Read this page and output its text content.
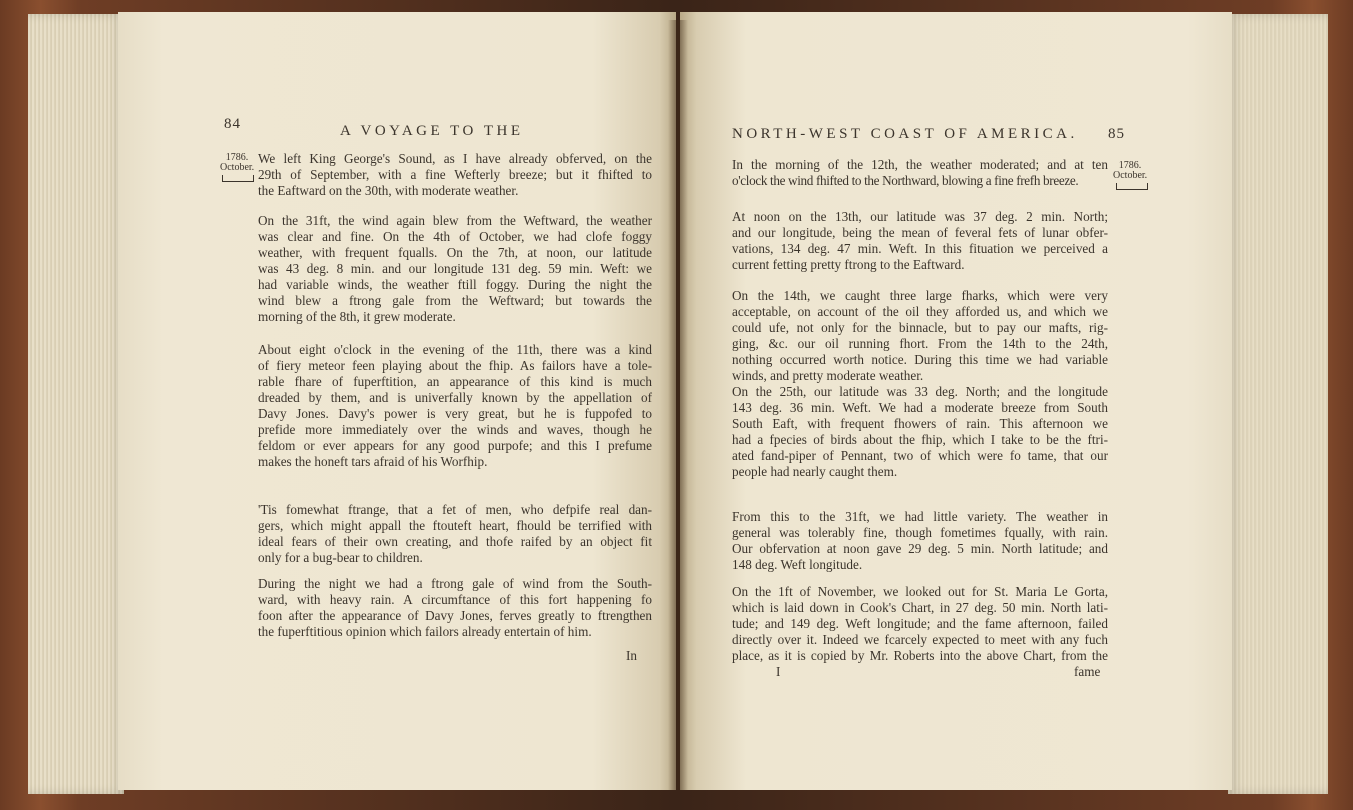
84	A VOYAGE TO THE
1786.
October.
We left King George's Sound, as I have already obferved, on the
29th of September, with a fine Wefterly breeze; but it fhifted to
the Eaftward on the 30th, with moderate weather.
On the 31ft, the wind again blew from the Weftward, the weather
was clear and fine. On the 4th of October, we had clofe foggy
weather, with frequent fqualls. On the 7th, at noon, our latitude
was 43 deg. 8 min. and our longitude 131 deg. 59 min. Weft: we
had variable winds, the weather ftill foggy. During the night the
wind blew a ftrong gale from the Weftward; but towards the
morning of the 8th, it grew moderate.
About eight o'clock in the evening of the 11th, there was a kind
of fiery meteor feen playing about the fhip. As failors have a tole-
rable fhare of fuperftition, an appearance of this kind is much
dreaded by them, and is univerfally known by the appellation of
Davy Jones. Davy's power is very great, but he is fuppofed to
prefide more immediately over the winds and waves, though he
feldom or ever appears for any good purpofe; and this I prefume
makes the honeft tars afraid of his Worfhip.
'Tis fomewhat ftrange, that a fet of men, who defpife real dan-
gers, which might appall the ftouteft heart, fhould be terrified with
ideal fears of their own creating, and thofe raifed by an object fit
only for a bug-bear to children.
During the night we had a ftrong gale of wind from the South-
ward, with heavy rain. A circumftance of this fort happening fo
foon after the appearance of Davy Jones, ferves greatly to ftrengthen
the fuperftitious opinion which failors already entertain of him.
In
NORTH-WEST COAST OF AMERICA. 85
1786.
October.
In the morning of the 12th, the weather moderated; and at ten
o'clock the wind fhifted to the Northward, blowing a fine frefh breeze.
At noon on the 13th, our latitude was 37 deg. 2 min. North;
and our longitude, being the mean of feveral fets of lunar obfer-
vations, 134 deg. 47 min. Weft. In this fituation we perceived a
current fetting pretty ftrong to the Eaftward.
On the 14th, we caught three large fharks, which were very
acceptable, on account of the oil they afforded us, and which we
could ufe, not only for the binnacle, but to pay our mafts, rig-
ging, &c. our oil running fhort. From the 14th to the 24th,
nothing occurred worth notice. During this time we had variable
winds, and pretty moderate weather.
On the 25th, our latitude was 33 deg. North; and the longitude
143 deg. 36 min. Weft. We had a moderate breeze from South
South Eaft, with frequent fhowers of rain. This afternoon we
had a fpecies of birds about the fhip, which I take to be the ftri-
ated fand-piper of Pennant, two of which were fo tame, that our
people had nearly caught them.
From this to the 31ft, we had little variety. The weather in
general was tolerably fine, though fometimes fqually, with rain.
Our obfervation at noon gave 29 deg. 5 min. North latitude; and
148 deg. Weft longitude.
On the 1ft of November, we looked out for St. Maria Le Gorta,
which is laid down in Cook's Chart, in 27 deg. 50 min. North lati-
tude; and 149 deg. Weft longitude; and the fame afternoon, failed
directly over it. Indeed we fcarcely expected to meet with any fuch
place, as it is copied by Mr. Roberts into the above Chart, from the
I	fame
